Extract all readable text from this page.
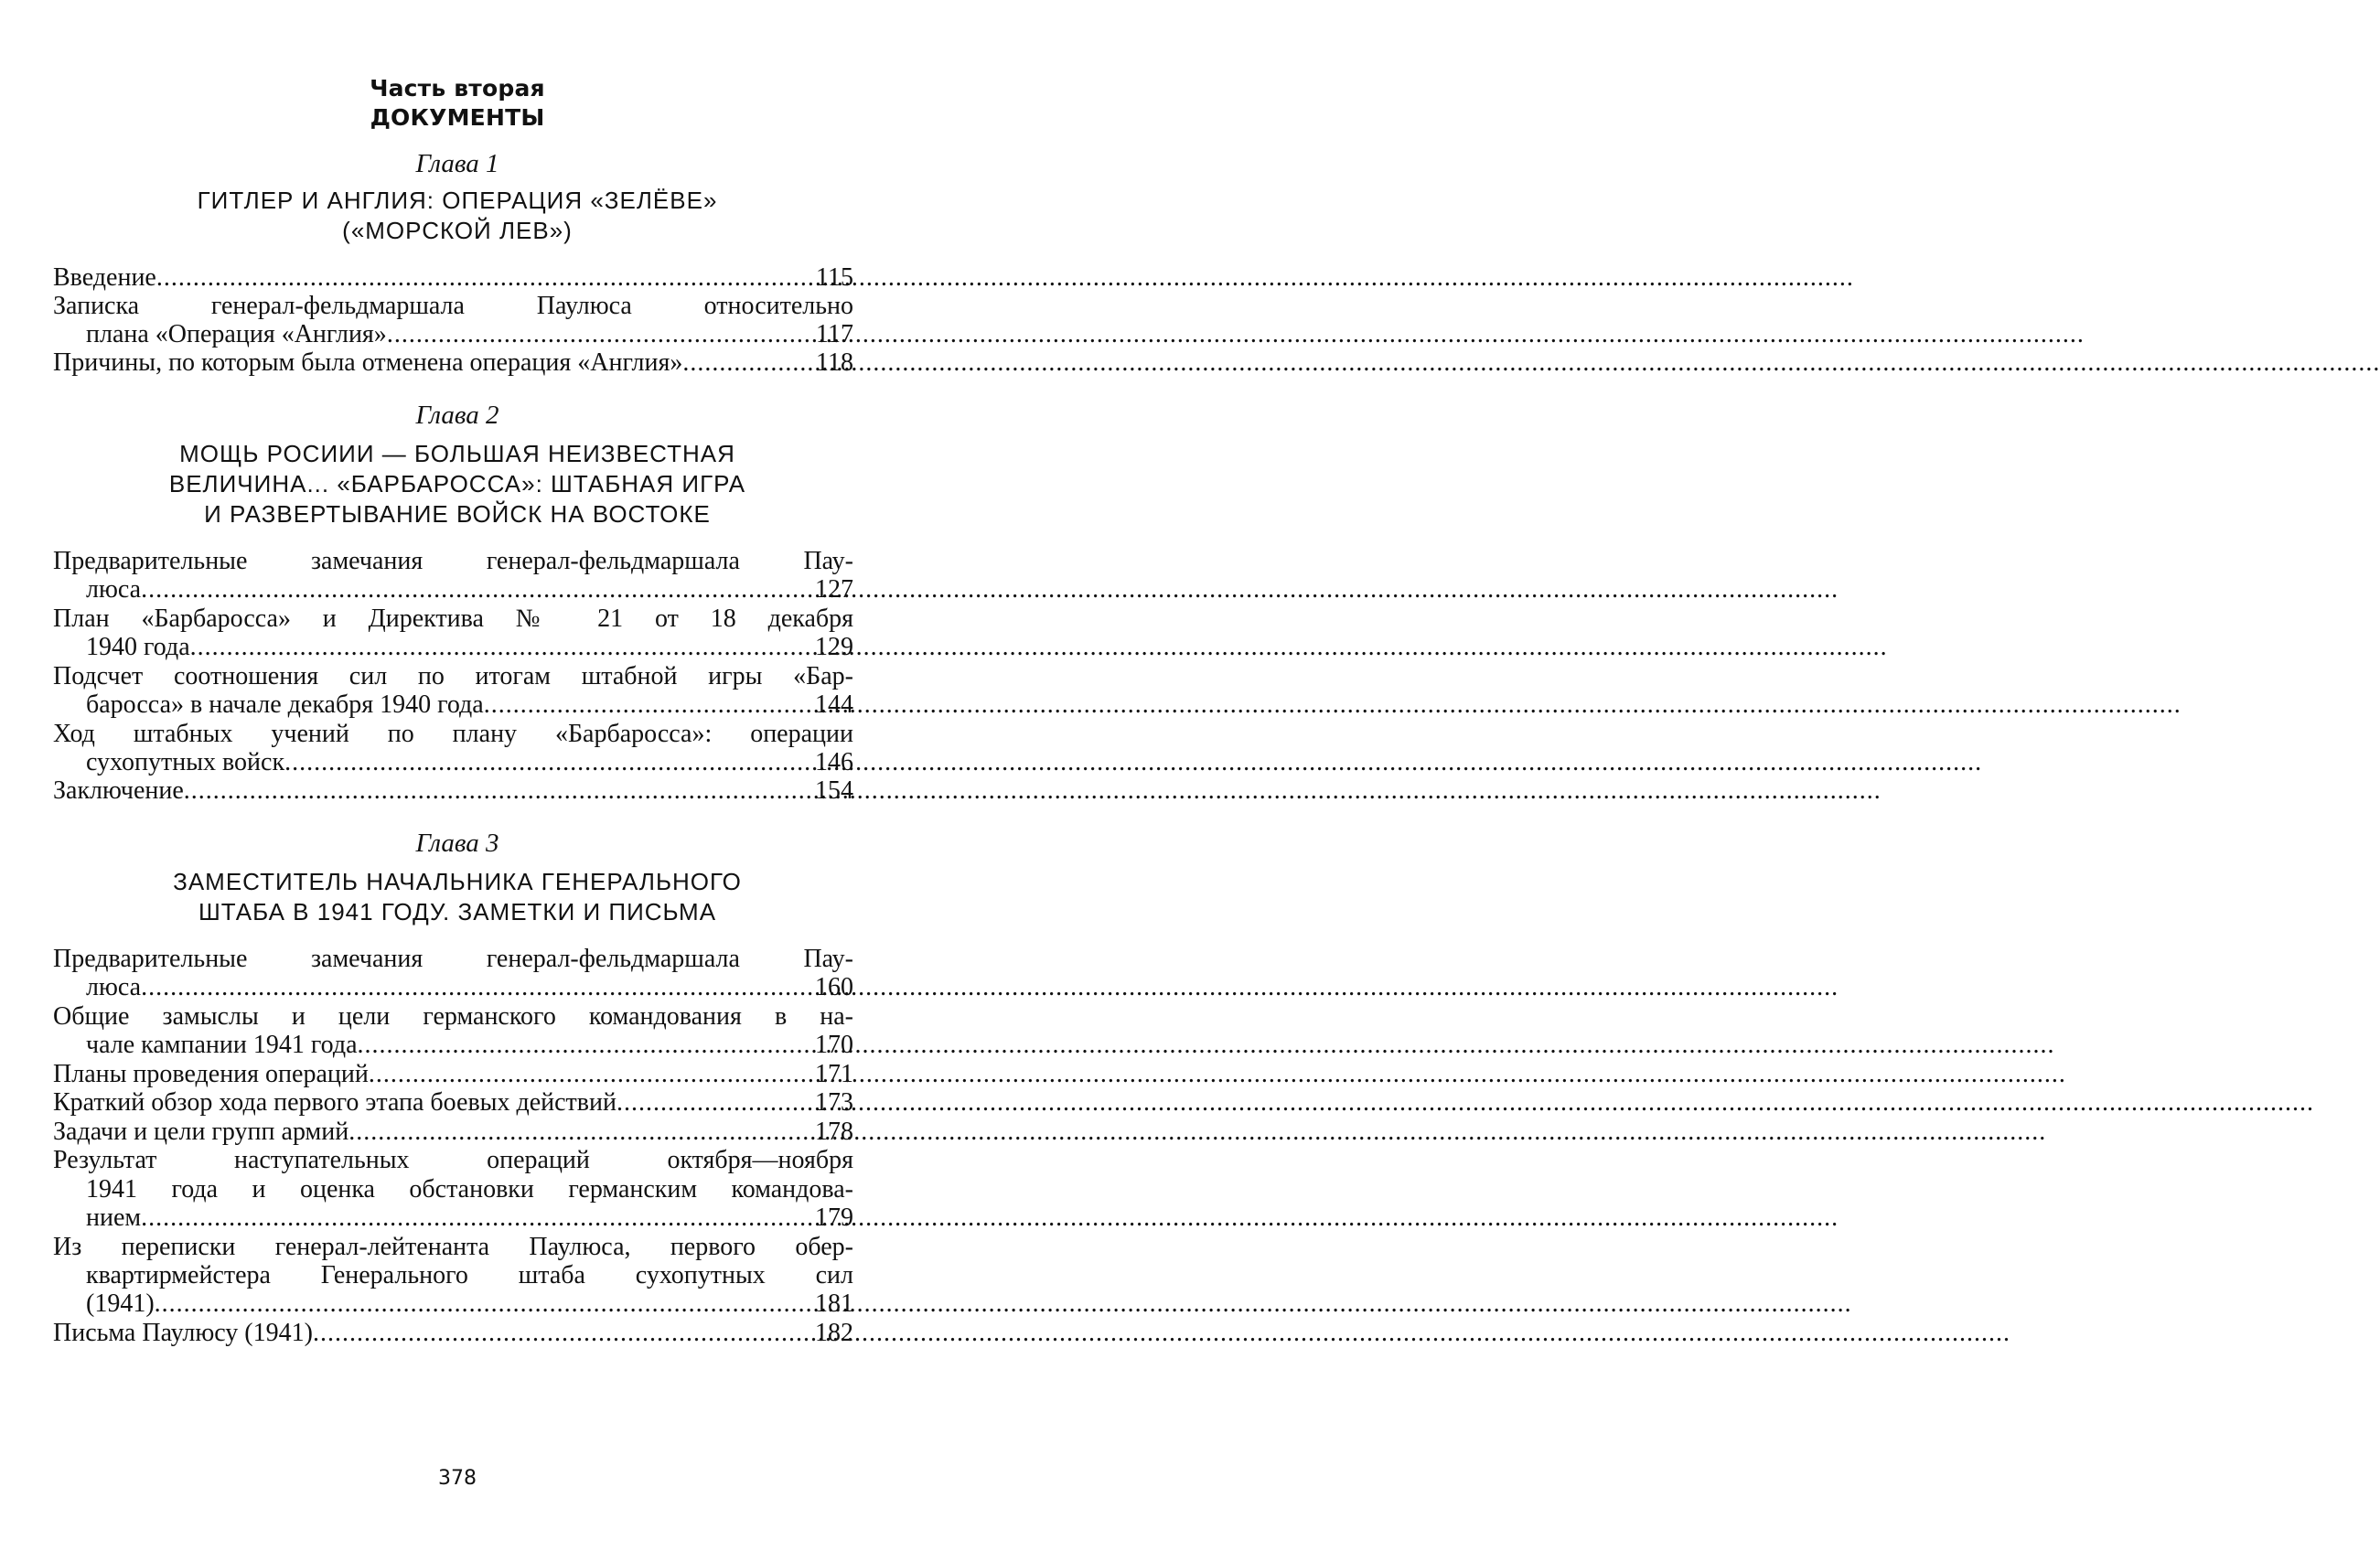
Часть вторая
ДОКУМЕНТЫ
Глава 1
ГИТЛЕР И АНГЛИЯ: ОПЕРАЦИЯ «ЗЕЛЁВЕ»
(«МОРСКОЙ ЛЕВ»)
Введение .....	115
Записка генерал-фельдмаршала Паулюса относительно
плана «Операция «Англия» .....	117
Причины, по которым была отменена операция «Англия» .....	118
Глава 2
МОЩЬ РОСИИИ — БОЛЬШАЯ НЕИЗВЕСТНАЯ
ВЕЛИЧИНА... «БАРБАРОССА»: ШТАБНАЯ ИГРА
И РАЗВЕРТЫВАНИЕ ВОЙСК НА ВОСТОКЕ
Предварительные замечания генерал-фельдмаршала Пау-
люса .....	127
План «Барбаросса» и Директива № 21 от 18 декабря
1940 года .....	129
Подсчет соотношения сил по итогам штабной игры «Бар-
баросса» в начале декабря 1940 года .....	144
Ход штабных учений по плану «Барбаросса»: операции
сухопутных войск .....	146
Заключение .....	154
Глава 3
ЗАМЕСТИТЕЛЬ НАЧАЛЬНИКА ГЕНЕРАЛЬНОГО
ШТАБА В 1941 ГОДУ. ЗАМЕТКИ И ПИСЬМА
Предварительные замечания генерал-фельдмаршала Пау-
люса .....	160
Общие замыслы и цели германского командования в на-
чале кампании 1941 года .....	170
Планы проведения операций .....	171
Краткий обзор хода первого этапа боевых действий .....	173
Задачи и цели групп армий .....	178
Результат наступательных операций октября—ноября
1941 года и оценка обстановки германским командова-
нием .....	179
Из переписки генерал-лейтенанта Паулюса, первого обер-
квартирмейстера Генерального штаба сухопутных сил
(1941) .....	181
Письма Паулюсу (1941) .....	182
378
